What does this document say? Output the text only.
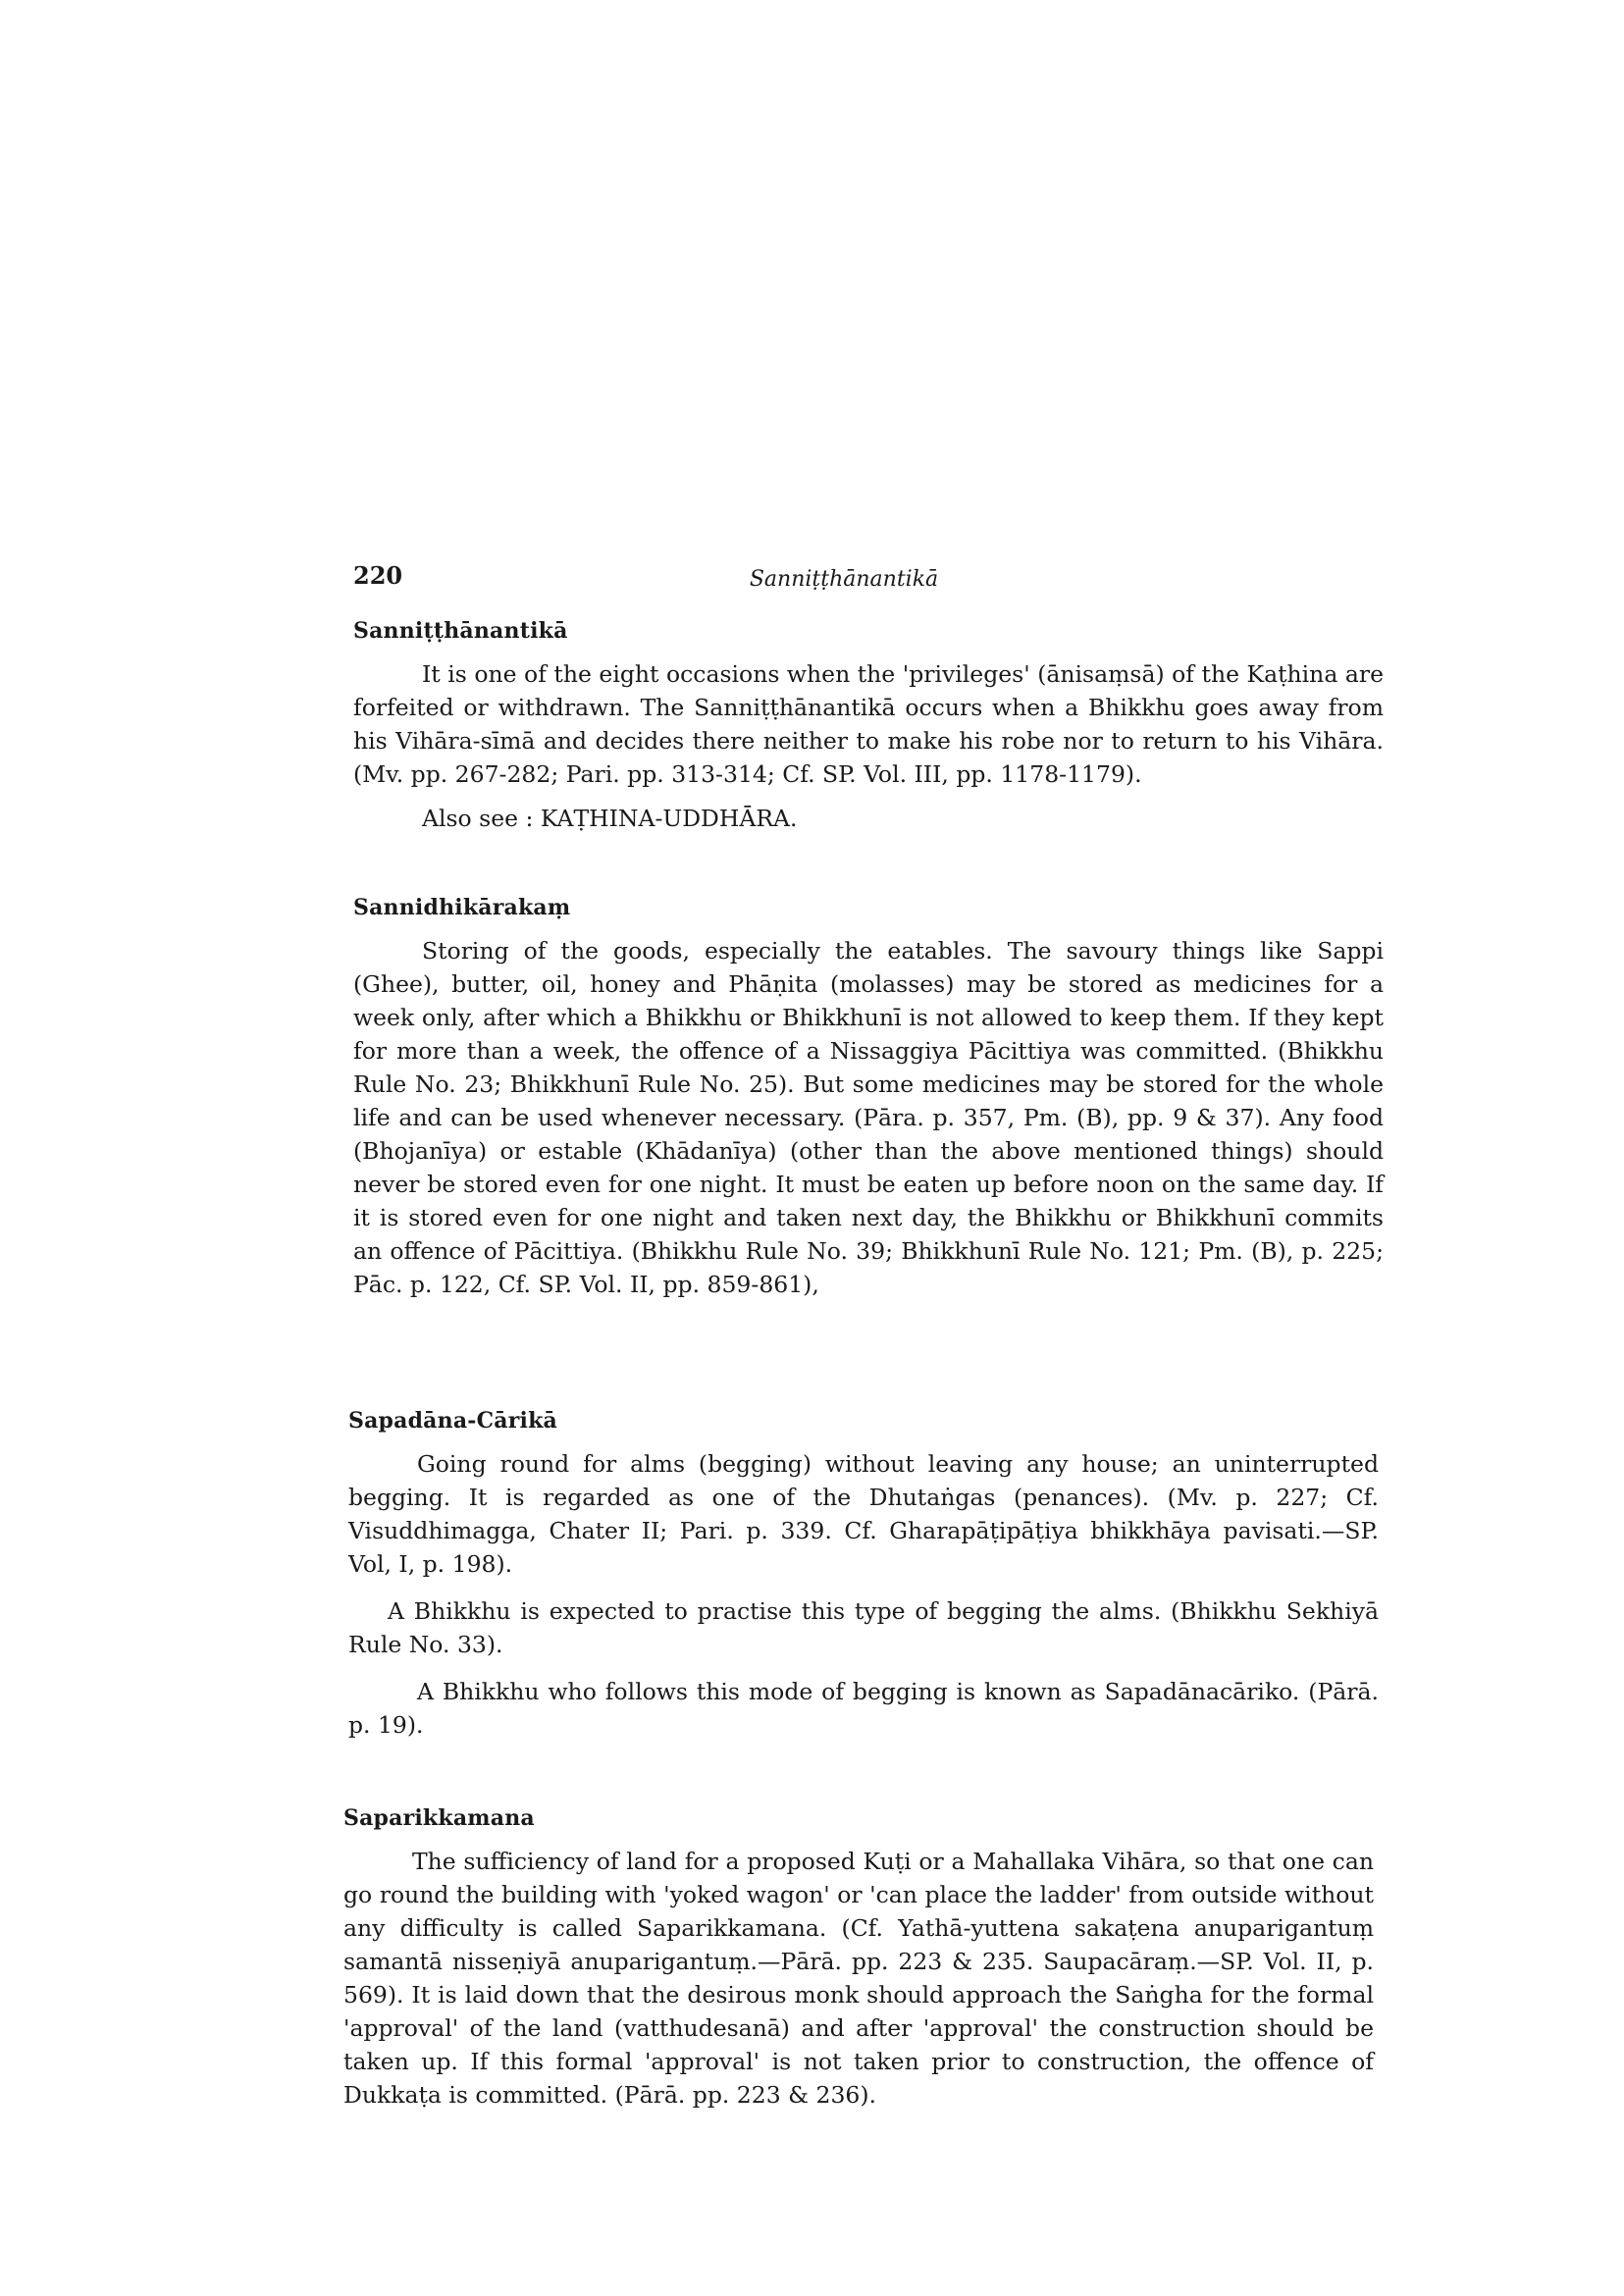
220	Sanniṭṭhānantikā
Sanniṭṭhānantikā

It is one of the eight occasions when the 'privileges' (ānisaṃsā) of the Kaṭhina are forfeited or withdrawn. The Sanniṭṭhānantikā occurs when a Bhikkhu goes away from his Vihāra-sīmā and decides there neither to make his robe nor to return to his Vihāra. (Mv. pp. 267-282; Pari. pp. 313-314; Cf. SP. Vol. III, pp. 1178-1179).

Also see : KAṬHINA-UDDHĀRA.
Sannidhikārakaṃ

Storing of the goods, especially the eatables. The savoury things like Sappi (Ghee), butter, oil, honey and Phāṇita (molasses) may be stored as medicines for a week only, after which a Bhikkhu or Bhikkhunī is not allowed to keep them. If they kept for more than a week, the offence of a Nissaggiya Pācittiya was committed. (Bhikkhu Rule No. 23; Bhikkhunī Rule No. 25). But some medicines may be stored for the whole life and can be used whenever necessary. (Pāra. p. 357, Pm. (B), pp. 9 & 37). Any food (Bhojanīya) or estable (Khādanīya) (other than the above mentioned things) should never be stored even for one night. It must be eaten up before noon on the same day. If it is stored even for one night and taken next day, the Bhikkhu or Bhikkhunī commits an offence of Pācittiya. (Bhikkhu Rule No. 39; Bhikkhunī Rule No. 121; Pm. (B), p. 225; Pāc. p. 122, Cf. SP. Vol. II, pp. 859-861),

Sapadāna-Cārikā

Going round for alms (begging) without leaving any house; an uninterrupted begging. It is regarded as one of the Dhutaṅgas (penances). (Mv. p. 227; Cf. Visuddhimagga, Chater II; Pari. p. 339. Cf. Gharapāṭipāṭiya bhikkhāya pavisati.—SP. Vol, I, p. 198).

A Bhikkhu is expected to practise this type of begging the alms. (Bhikkhu Sekhiyā Rule No. 33).

A Bhikkhu who follows this mode of begging is known as Sapadānacāriko. (Pārā. p. 19).

Saparikkamana

The sufficiency of land for a proposed Kuṭi or a Mahallaka Vihāra, so that one can go round the building with 'yoked wagon' or 'can place the ladder' from outside without any difficulty is called Saparikkamana. (Cf. Yathā-yuttena sakaṭena anuparigantuṃ samantā nisseṇiyā anuparigantuṃ.—Pārā. pp. 223 & 235. Saupacāraṃ.—SP. Vol. II, p. 569). It is laid down that the desirous monk should approach the Saṅgha for the formal 'approval' of the land (vatthudesanā) and after 'approval' the construction should be taken up. If this formal 'approval' is not taken prior to construction, the offence of Dukkaṭa is committed. (Pārā. pp. 223 & 236).
